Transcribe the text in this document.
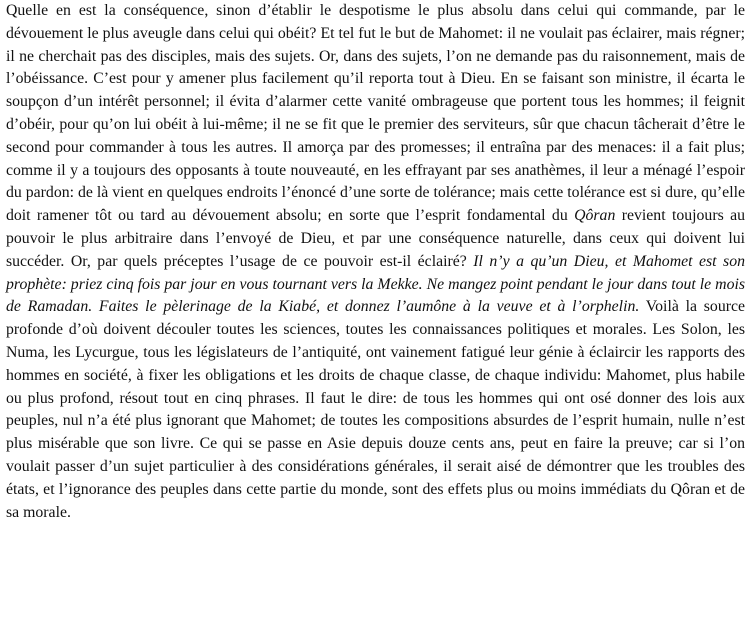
Quelle en est la conséquence, sinon d’établir le despotisme le plus absolu dans celui qui commande, par le dévouement le plus aveugle dans celui qui obéit? Et tel fut le but de Mahomet: il ne voulait pas éclairer, mais régner; il ne cherchait pas des disciples, mais des sujets. Or, dans des sujets, l’on ne demande pas du raisonnement, mais de l’obéissance. C’est pour y amener plus facilement qu’il reporta tout à Dieu. En se faisant son ministre, il écarta le soupçon d’un intérêt personnel; il évita d’alarmer cette vanité ombrageuse que portent tous les hommes; il feignit d’obéir, pour qu’on lui obéit à lui-même; il ne se fit que le premier des serviteurs, sûr que chacun tâcherait d’être le second pour commander à tous les autres. Il amorça par des promesses; il entraîna par des menaces: il a fait plus; comme il y a toujours des opposants à toute nouveauté, en les effrayant par ses anathèmes, il leur a ménagé l’espoir du pardon: de là vient en quelques endroits l’énoncé d’une sorte de tolérance; mais cette tolérance est si dure, qu’elle doit ramener tôt ou tard au dévouement absolu; en sorte que l’esprit fondamental du Qôran revient toujours au pouvoir le plus arbitraire dans l’envoyé de Dieu, et par une conséquence naturelle, dans ceux qui doivent lui succéder. Or, par quels préceptes l’usage de ce pouvoir est-il éclairé? Il n’y a qu’un Dieu, et Mahomet est son prophète: priez cinq fois par jour en vous tournant vers la Mekke. Ne mangez point pendant le jour dans tout le mois de Ramadan. Faites le pèlerinage de la Kiabé, et donnez l’aumône à la veuve et à l’orphelin. Voilà la source profonde d’où doivent découler toutes les sciences, toutes les connaissances politiques et morales. Les Solon, les Numa, les Lycurgue, tous les législateurs de l’antiquité, ont vainement fatigué leur génie à éclaircir les rapports des hommes en société, à fixer les obligations et les droits de chaque classe, de chaque individu: Mahomet, plus habile ou plus profond, résout tout en cinq phrases. Il faut le dire: de tous les hommes qui ont osé donner des lois aux peuples, nul n’a été plus ignorant que Mahomet; de toutes les compositions absurdes de l’esprit humain, nulle n’est plus misérable que son livre. Ce qui se passe en Asie depuis douze cents ans, peut en faire la preuve; car si l’on voulait passer d’un sujet particulier à des considérations générales, il serait aisé de démontrer que les troubles des états, et l’ignorance des peuples dans cette partie du monde, sont des effets plus ou moins immédiats du Qôran et de sa morale.
